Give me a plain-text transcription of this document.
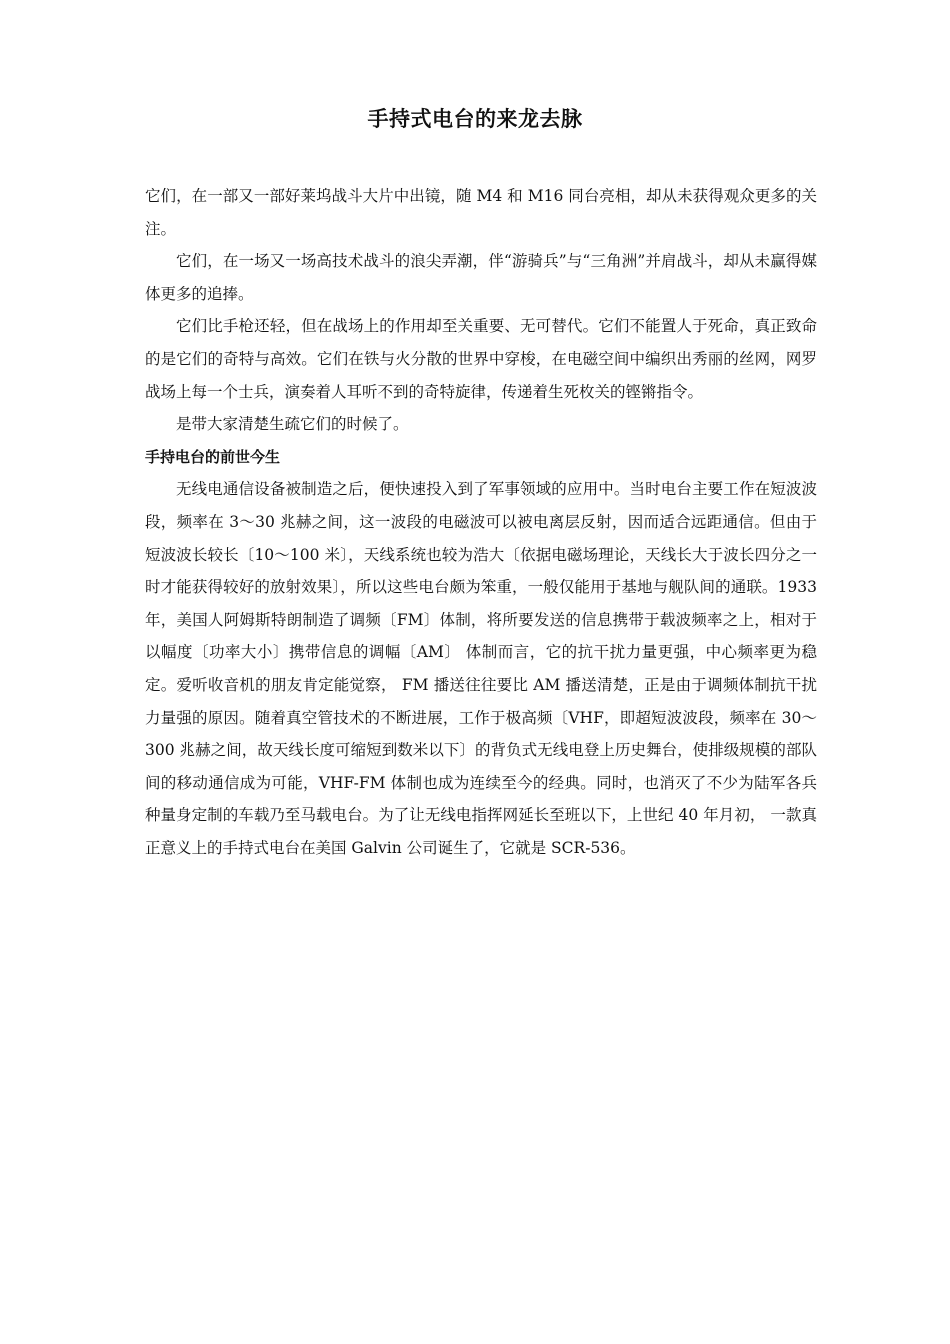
手持式电台的来龙去脉

它们，在一部又一部好莱坞战斗大片中出镜，随 M4 和 M16 同台亮相，却从未获得观众更多的关注。

它们，在一场又一场高技术战斗的浪尖弄潮，伴“游骑兵”与“三角洲”并肩战斗，却从未赢得媒体更多的追捧。

它们比手枪还轻，但在战场上的作用却至关重要、无可替代。它们不能置人于死命，真正致命的是它们的奇特与高效。它们在铁与火分散的世界中穿梭，在电磁空间中编织出秀丽的丝网，网罗战场上每一个士兵，演奏着人耳听不到的奇特旋律，传递着生死枚关的铿锵指令。

是带大家清楚生疏它们的时候了。

手持电台的前世今生

无线电通信设备被制造之后，便快速投入到了军事领域的应用中。当时电台主要工作在短波波段，频率在 3～30 兆赫之间，这一波段的电磁波可以被电离层反射，因而适合远距通信。但由于短波波长较长〔10～100 米〕，天线系统也较为浩大〔依据电磁场理论，天线长大于波长四分之一时才能获得较好的放射效果〕，所以这些电台颇为笨重，一般仅能用于基地与舰队间的通联。1933 年，美国人阿姆斯特朗制造了调频〔FM〕体制，将所要发送的信息携带于载波频率之上，相对于以幅度〔功率大小〕携带信息的调幅〔AM〕 体制而言，它的抗干扰力量更强，中心频率更为稳定。爱听收音机的朋友肯定能觉察， FM 播送往往要比 AM 播送清楚，正是由于调频体制抗干扰力量强的原因。随着真空管技术的不断进展，工作于极高频〔VHF，即超短波波段，频率在 30～300 兆赫之间，故天线长度可缩短到数米以下〕的背负式无线电登上历史舞台，使排级规模的部队间的移动通信成为可能，VHF-FM 体制也成为连续至今的经典。同时，也消灭了不少为陆军各兵种量身定制的车载乃至马载电台。为了让无线电指挥网延长至班以下，上世纪 40 年月初， 一款真正意义上的手持式电台在美国 Galvin 公司诞生了，它就是 SCR-536。
